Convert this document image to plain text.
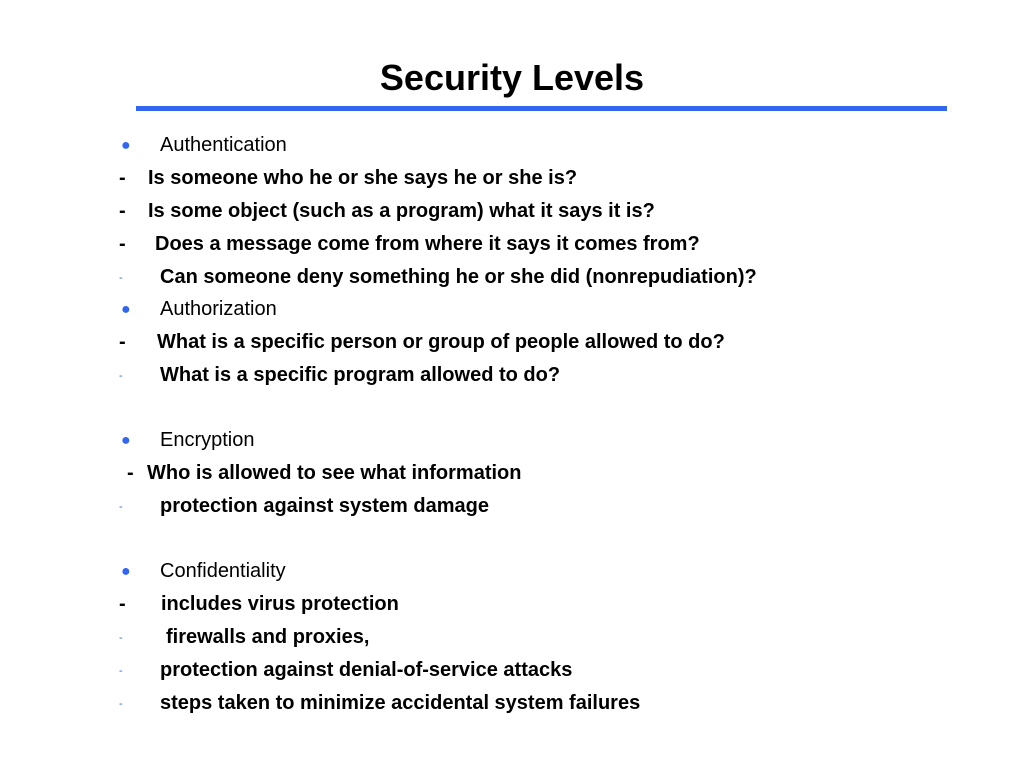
Security Levels
● Authentication
- Is someone who he or she says he or she is?
- Is some object (such as a program) what it says it is?
- Does a message come from where it says it comes from?
- Can someone deny something he or she did (nonrepudiation)?
● Authorization
- What is a specific person or group of people allowed to do?
- What is a specific program allowed to do?
● Encryption
- Who is allowed to see what information
- protection against system damage
● Confidentiality
- includes virus protection
- firewalls and proxies,
- protection against denial-of-service attacks
- steps taken to minimize accidental system failures
